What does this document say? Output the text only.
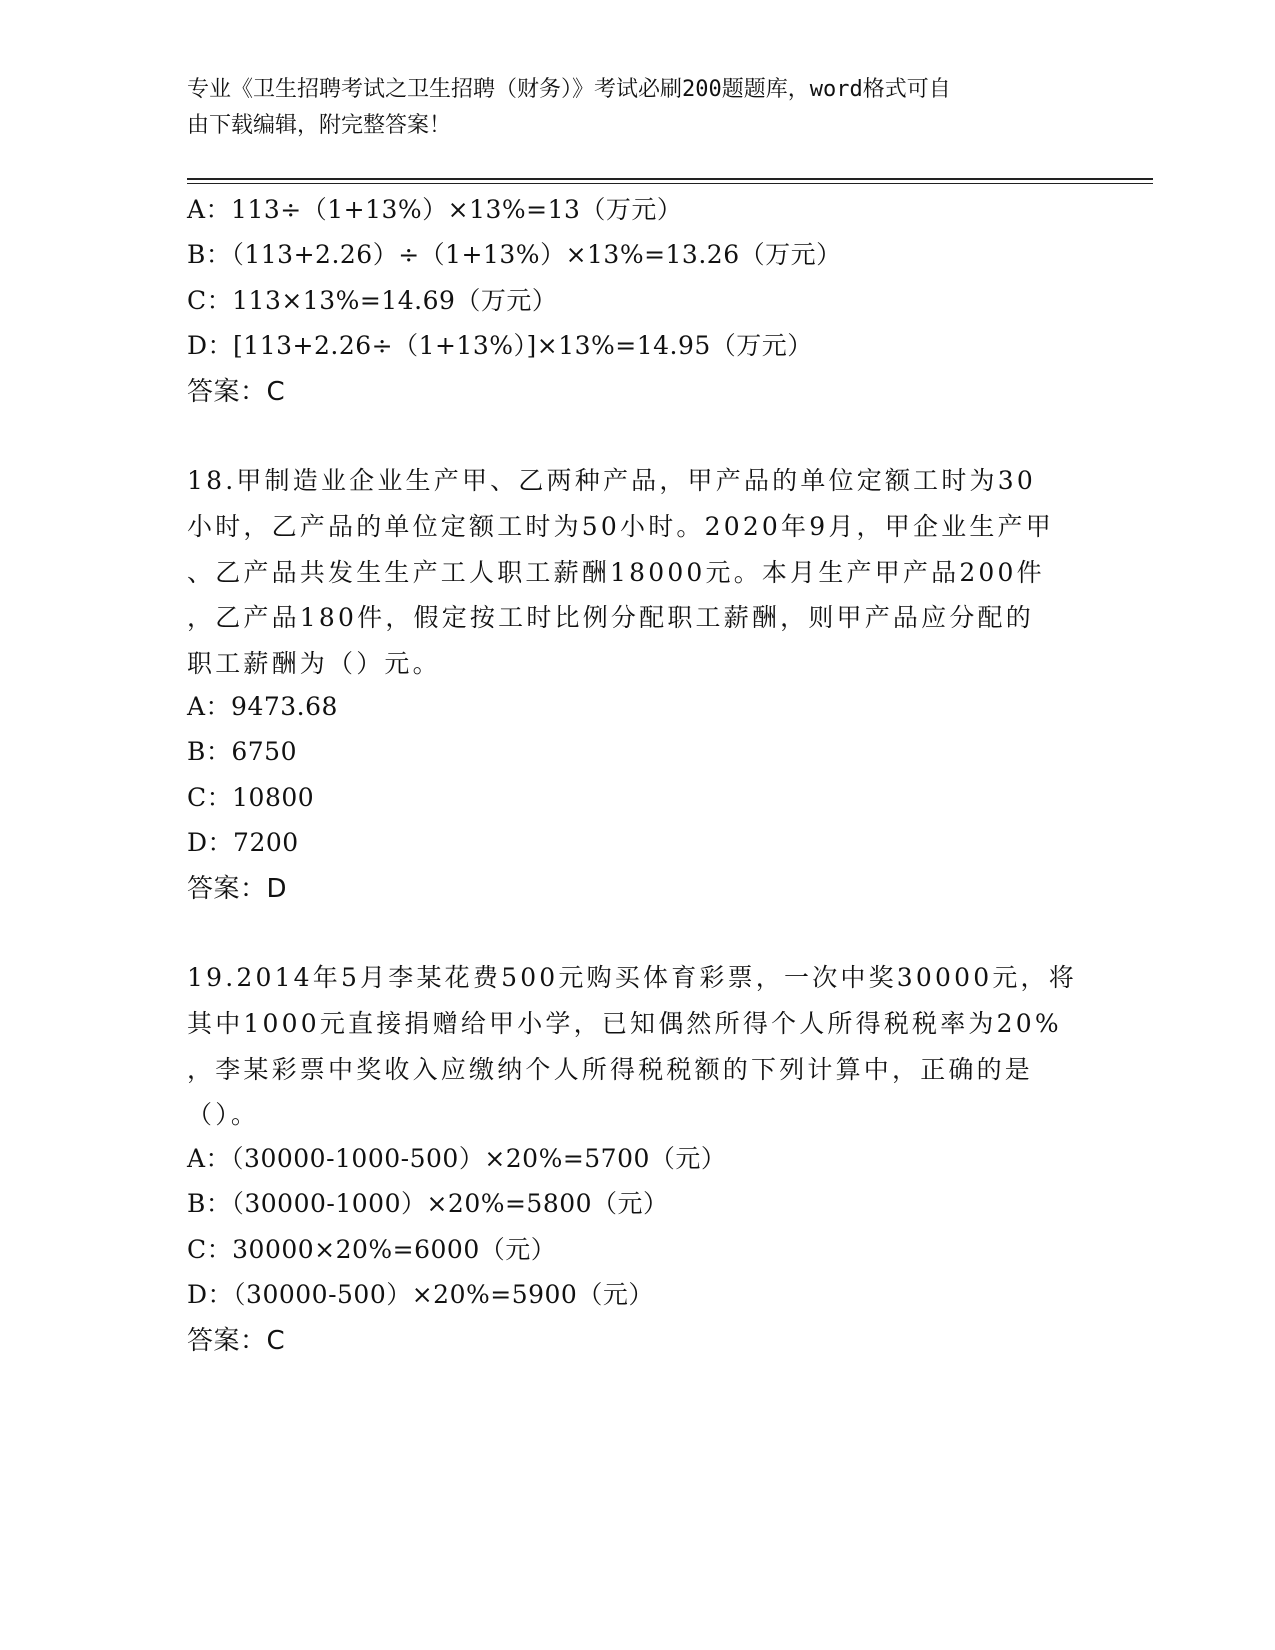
专业《卫生招聘考试之卫生招聘（财务）》考试必刷200题题库，word格式可自
由下载编辑，附完整答案！
A：113÷（1+13%）×13%=13（万元）
B：（113+2.26）÷（1+13%）×13%=13.26（万元）
C：113×13%=14.69（万元）
D：[113+2.26÷（1+13%）]×13%=14.95（万元）
答案：C
18.甲制造业企业生产甲、乙两种产品，甲产品的单位定额工时为30
小时，乙产品的单位定额工时为50小时。2020年9月，甲企业生产甲
、乙产品共发生生产工人职工薪酬18000元。本月生产甲产品200件
，乙产品180件，假定按工时比例分配职工薪酬，则甲产品应分配的
职工薪酬为（）元。
A：9473.68
B：6750
C：10800
D：7200
答案：D
19.2014年5月李某花费500元购买体育彩票，一次中奖30000元，将
其中1000元直接捐赠给甲小学，已知偶然所得个人所得税税率为20%
，李某彩票中奖收入应缴纳个人所得税税额的下列计算中，正确的是
（）。
A：（30000-1000-500）×20%=5700（元）
B：（30000-1000）×20%=5800（元）
C：30000×20%=6000（元）
D：（30000-500）×20%=5900（元）
答案：C
